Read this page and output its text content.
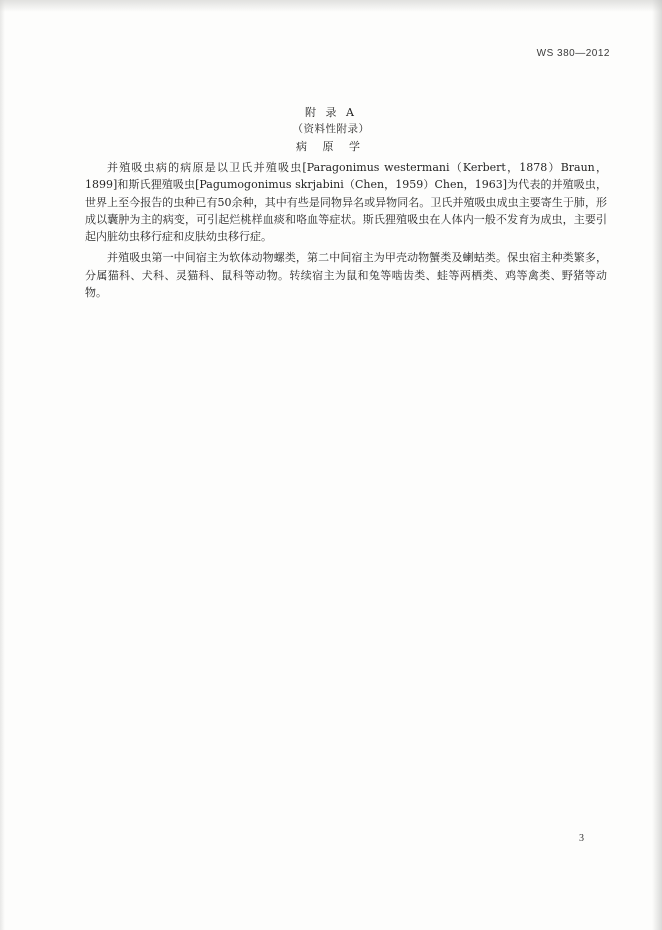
WS 380—2012
附 录 A
（资料性附录）
病 原 学

并殖吸虫病的病原是以卫氏并殖吸虫[Paragonimus westermani（Kerbert，1878）Braun，1899]和斯氏狸殖吸虫[Pagumogonimus skrjabini（Chen，1959）Chen，1963]为代表的并殖吸虫，世界上至今报告的虫种已有50余种，其中有些是同物异名或异物同名。卫氏并殖吸虫成虫主要寄生于肺，形成以囊肿为主的病变，可引起烂桃样血痰和咯血等症状。斯氏狸殖吸虫在人体内一般不发育为成虫，主要引起内脏幼虫移行症和皮肤幼虫移行症。

并殖吸虫第一中间宿主为软体动物螺类，第二中间宿主为甲壳动物蟹类及蝲蛄类。保虫宿主种类繁多，分属猫科、犬科、灵猫科、鼠科等动物。转续宿主为鼠和兔等啮齿类、蛙等两栖类、鸡等禽类、野猪等动物。

3
